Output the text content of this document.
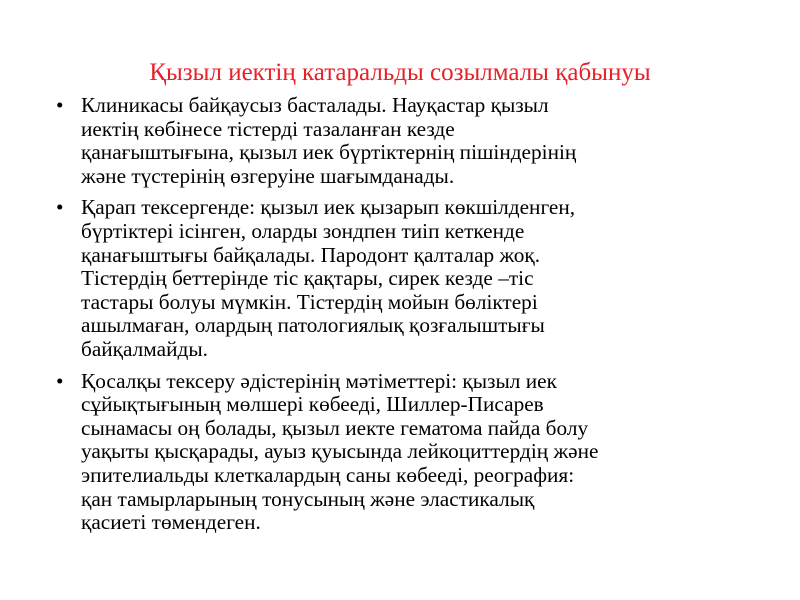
Қызыл иектің катаральды созылмалы қабынуы
• Клиникасы байқаусыз басталады. Науқастар қызыл
иектің көбінесе тістерді тазаланған кезде
қанағыштығына, қызыл иек бүртіктернің пішіндерінің
және түстерінің өзгеруіне шағымданады.
• Қарап тексергенде: қызыл иек қызарып көкшілденген,
бүртіктері ісінген, оларды зондпен тиіп кеткенде
қанағыштығы байқалады. Пародонт қалталар жоқ.
Тістердің беттерінде тіс қақтары, сирек кезде –тіс
тастары болуы мүмкін. Тістердің мойын бөліктері
ашылмаған, олардың патологиялық қозғалыштығы
байқалмайды.
• Қосалқы тексеру әдістерінің мәтіметтері: қызыл иек
сұйықтығының мөлшері көбееді, Шиллер-Писарев
сынамасы оң болады, қызыл иекте гематома пайда болу
уақыты қысқарады, ауыз қуысында лейкоциттердің және
эпителиальды клеткалардың саны көбееді, реография:
қан тамырларының тонусының және эластикалық
қасиеті төмендеген.
